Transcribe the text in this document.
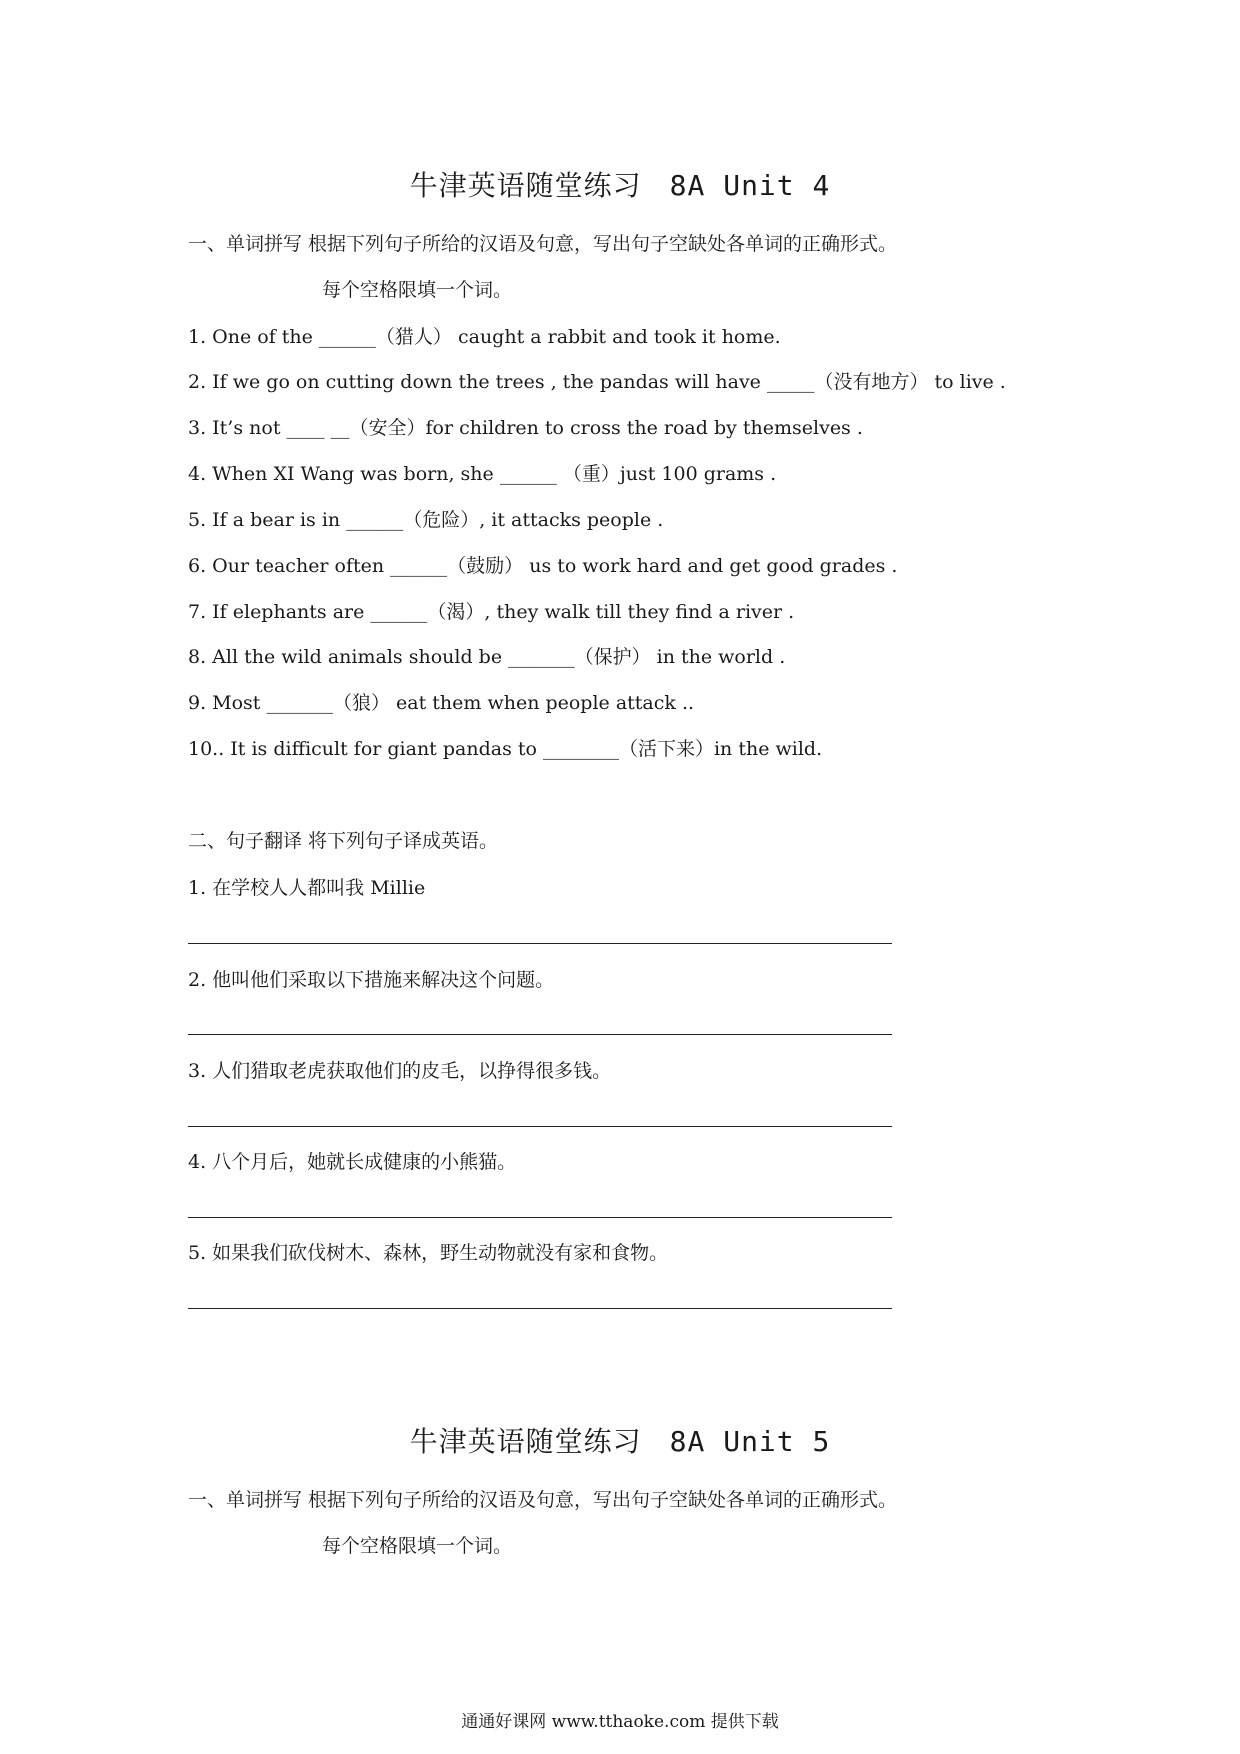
牛津英语随堂练习 8A Unit 4
一、单词拼写 根据下列句子所给的汉语及句意，写出句子空缺处各单词的正确形式。
每个空格限填一个词。
1. One of the ______（猎人） caught a rabbit and took it home.
2. If we go on cutting down the trees , the pandas will have _____（没有地方） to live .
3. It’s not ____ __（安全）for children to cross the road by themselves .
4. When XI Wang was born, she ______ （重）just 100 grams .
5. If a bear is in ______（危险）, it attacks people .
6. Our teacher often ______（鼓励） us to work hard and get good grades .
7. If elephants are ______（渴）, they walk till they find a river .
8. All the wild animals should be _______（保护） in the world .
9. Most _______（狼） eat them when people attack ..
10.. It is difficult for giant pandas to ________（活下来）in the wild.
二、句子翻译 将下列句子译成英语。
1. 在学校人人都叫我 Millie
2. 他叫他们采取以下措施来解决这个问题。
3. 人们猎取老虎获取他们的皮毛，以挣得很多钱。
4. 八个月后，她就长成健康的小熊猫。
5. 如果我们砍伐树木、森林，野生动物就没有家和食物。
牛津英语随堂练习 8A Unit 5
一、单词拼写 根据下列句子所给的汉语及句意，写出句子空缺处各单词的正确形式。
每个空格限填一个词。
通通好课网 www.tthaoke.com 提供下载
